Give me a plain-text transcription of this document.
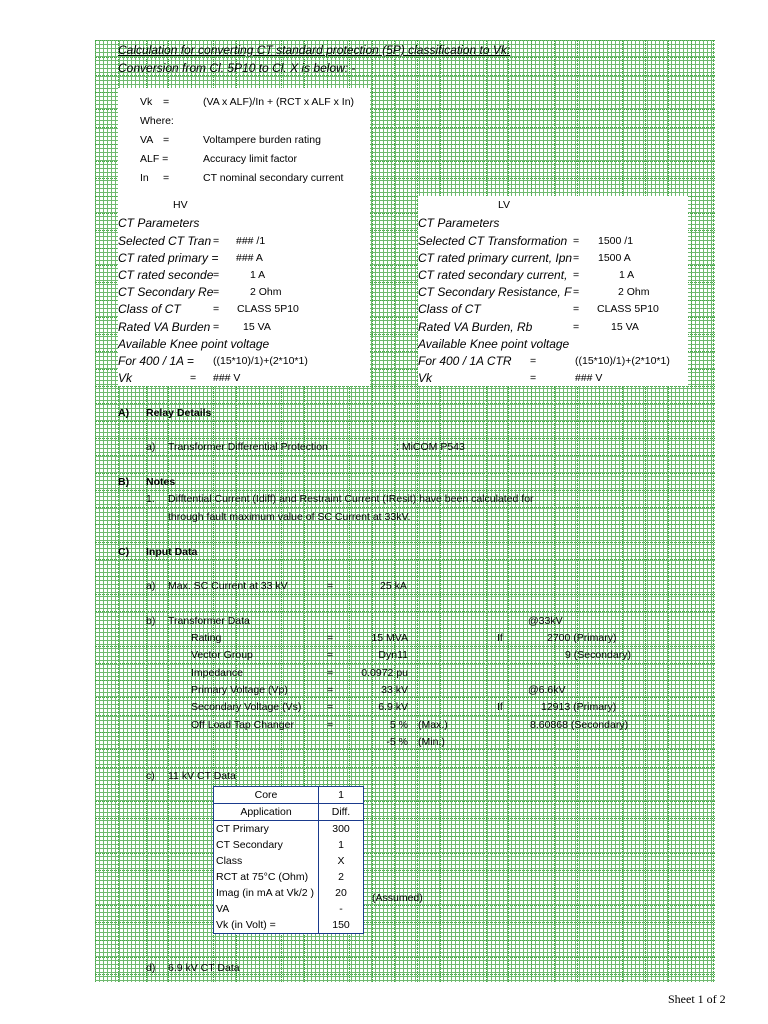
Calculation for converting CT standard protection (5P) classification to Vk:
Conversion from Cl. 5P10 to Cl. X is below: -
Vk =	(VA x ALF)/In + (RCT x ALF x In)
Where:
VA =	Voltampere burden rating
ALF =	Accuracy limit factor
In =	CT nominal secondary current
HV
CT Parameters
Selected CT Tran = ### /1
CT rated primary = ### A
CT rated seconde =	1 A
CT Secondary Re =	2 Ohm
Class of CT	= CLASS 5P10
Rated VA Burden = 15 VA
Available Knee point voltage
For 400 / 1A = ((15*10)/1)+(2*10*1)
Vk	= ### V
LV
CT Parameters
Selected CT Transformation = 1500 /1
CT rated primary current, Ipn = 1500 A
CT rated secondary current, =	1 A
CT Secondary Resistance, F =	2 Ohm
Class of CT	= CLASS 5P10
Rated VA Burden, Rb	=	15 VA
Available Knee point voltage
For 400 / 1A CTR =	((15*10)/1)+(2*10*1)
Vk	=	### V
A) Relay Details
a) Transformer Differential Protection	: MiCOM P543
B) Notes
1. Difftential Current (Idiff) and Restraint Current (IResit) have been calculated for
through fault maximum value of SC Current at 33kV.
C) Input Data
a) Max. SC Current at 33 kV	=	25 kA
b) Transformer Data	@33kV
@6.6kV
Rating	=	15 MVA	If	2700 (Primary)
Vector Group	=	Dyn11	9 (Secondary)
Impedance	=	0.0972 pu
Primary Voltage (Vp)	=	33 kV
Secondary Voltage (Vs) =	6.9 kV	If	12913 (Primary)
Off Load Tap Changer	=	5 % (Max.)	8.60868 (Secondary)
-5 % (Min.)
c) 11 kV CT Data
Core	1
Application	Diff.
CT Primary	300
CT Secondary	1
Class	X
RCT at 75°C (Ohm)	2
Imag (in mA at Vk/2 )	20
VA	-
Vk (in Volt) =	150
(Assumed)
d) 6.9 kV CT Data
Sheet 1 of 2
